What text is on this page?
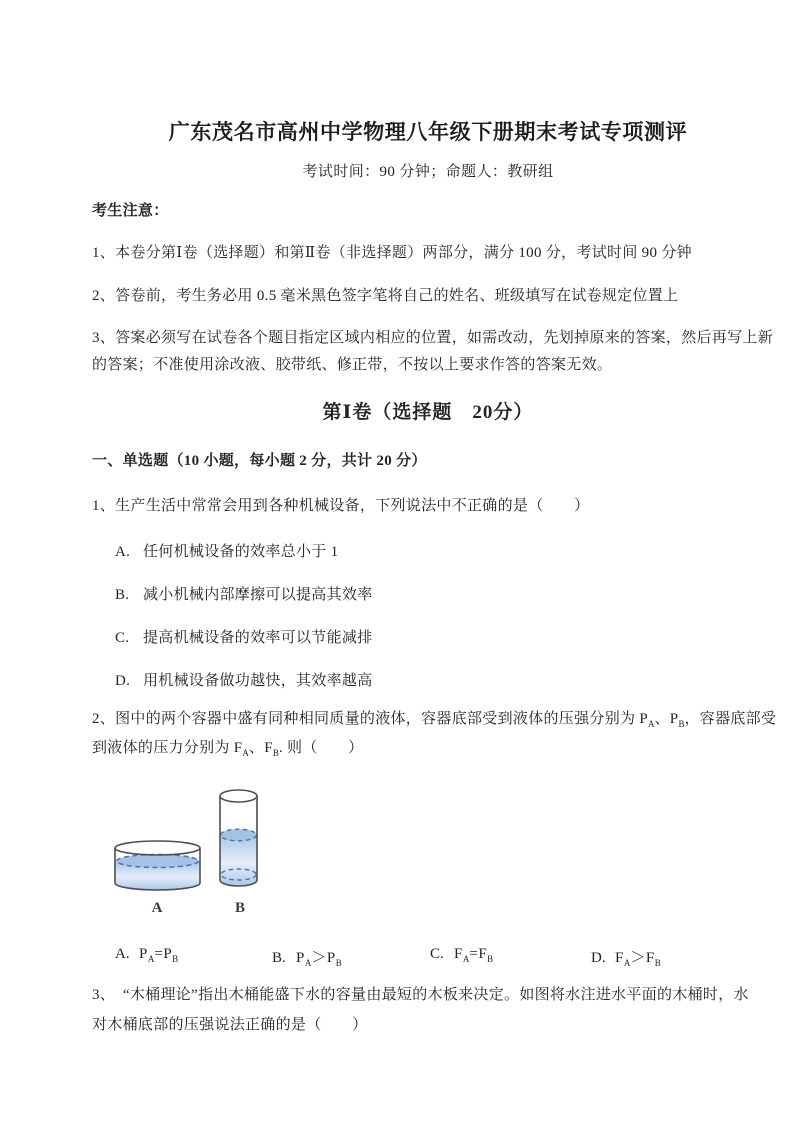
广东茂名市高州中学物理八年级下册期末考试专项测评
考试时间：90 分钟；命题人：教研组
考生注意：
1、本卷分第Ⅰ卷（选择题）和第Ⅱ卷（非选择题）两部分，满分 100 分，考试时间 90 分钟
2、答卷前，考生务必用 0.5 毫米黑色签字笔将自己的姓名、班级填写在试卷规定位置上
3、答案必须写在试卷各个题目指定区域内相应的位置，如需改动，先划掉原来的答案，然后再写上新
的答案；不准使用涂改液、胶带纸、修正带，不按以上要求作答的答案无效。
第Ⅰ卷（选择题　20分）
一、单选题（10 小题，每小题 2 分，共计 20 分）
1、生产生活中常常会用到各种机械设备，下列说法中不正确的是（　　）
A. 任何机械设备的效率总小于 1
B. 减小机械内部摩擦可以提高其效率
C. 提高机械设备的效率可以节能减排
D. 用机械设备做功越快，其效率越高
2、图中的两个容器中盛有同种相同质量的液体，容器底部受到液体的压强分别为 $P_A$、$P_B$，容器底部受
到液体的压力分别为 $F_A$、$F_B$. 则（　　）
A	B
A. $P_A=P_B$	B. $P_A>P_B$
C. $F_A=F_B$	D. $F_A>F_B$
3、　“木桶理论”指出木桶能盛下水的容量由最短的木板来决定。如图将水注进水平面的木桶时，水
对木桶底部的压强说法正确的是（　　）
